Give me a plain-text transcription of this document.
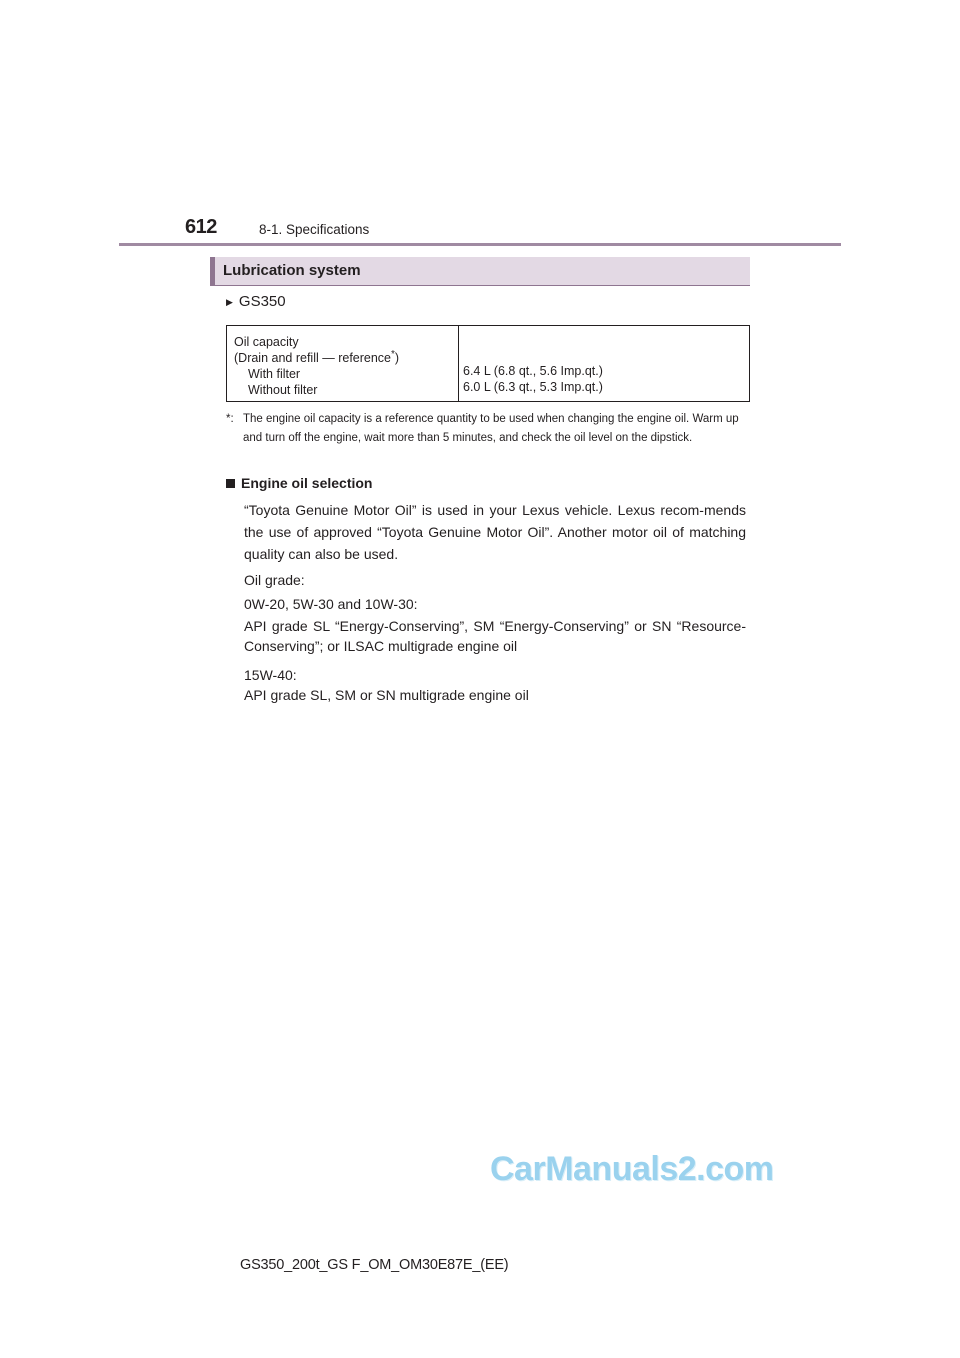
612	8-1. Specifications
Lubrication system
▶ GS350
Oil capacity
(Drain and refill — reference*)
With filter
Without filter
6.4 L (6.8 qt., 5.6 Imp.qt.)
6.0 L (6.3 qt., 5.3 Imp.qt.)
*: The engine oil capacity is a reference quantity to be used when changing the engine oil. Warm up and turn off the engine, wait more than 5 minutes, and check the oil level on the dipstick.
Engine oil selection
“Toyota Genuine Motor Oil” is used in your Lexus vehicle. Lexus recom-mends the use of approved “Toyota Genuine Motor Oil”. Another motor oil of matching quality can also be used.
Oil grade:
0W-20, 5W-30 and 10W-30:
API grade SL “Energy-Conserving”, SM “Energy-Conserving” or SN “Resource-Conserving”; or ILSAC multigrade engine oil
15W-40:
API grade SL, SM or SN multigrade engine oil
CarManuals2.com
GS350_200t_GS F_OM_OM30E87E_(EE)
